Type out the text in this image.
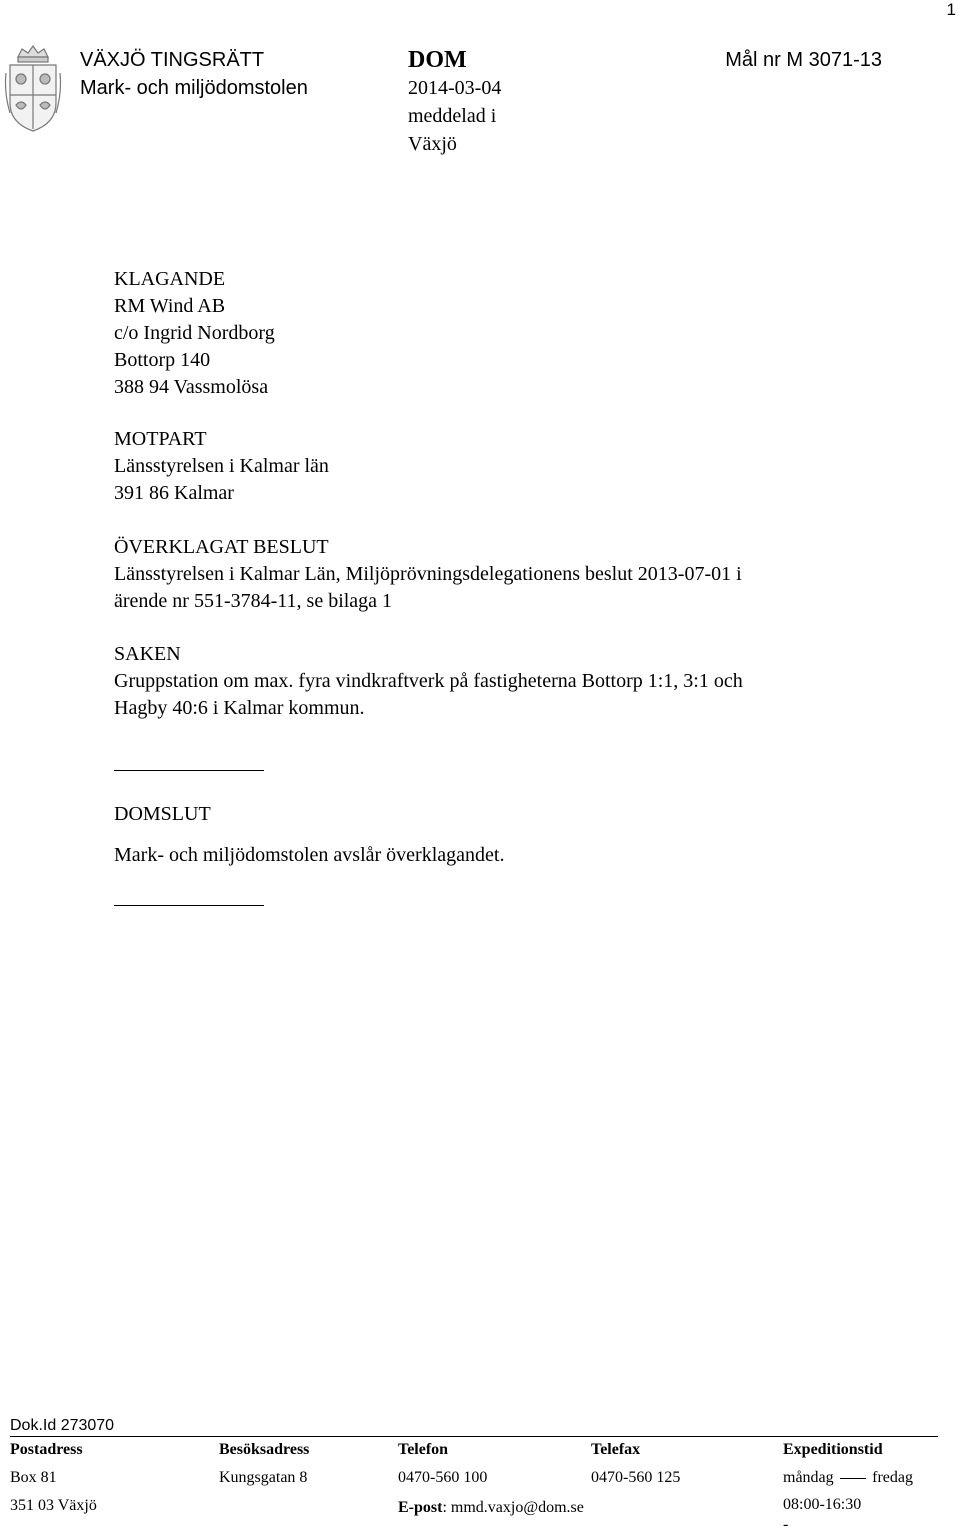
1
VÄXJÖ TINGSRÄTT
Mark- och miljödomstolen
DOM
2014-03-04
meddelad i
Växjö
Mål nr M 3071-13
KLAGANDE
RM Wind AB
c/o Ingrid Nordborg
Bottorp 140
388 94 Vassmolösa
MOTPART
Länsstyrelsen i Kalmar län
391 86 Kalmar
ÖVERKLAGAT BESLUT
Länsstyrelsen i Kalmar Län, Miljöprövningsdelegationens beslut 2013-07-01 i
ärende nr 551-3784-11, se bilaga 1
SAKEN
Gruppstation om max. fyra vindkraftverk på fastigheterna Bottorp 1:1, 3:1 och
Hagby 40:6 i Kalmar kommun.
DOMSLUT
Mark- och miljödomstolen avslår överklagandet.
Dok.Id 273070
Postadress
Box 81
351 03 Växjö
Besöksadress
Kungsgatan 8
Telefon
0470-560 100
E-post: mmd.vaxjo@dom.se
Telefax
0470-560 125
Expeditionstid
måndag fredag
08:00-16:30
-
